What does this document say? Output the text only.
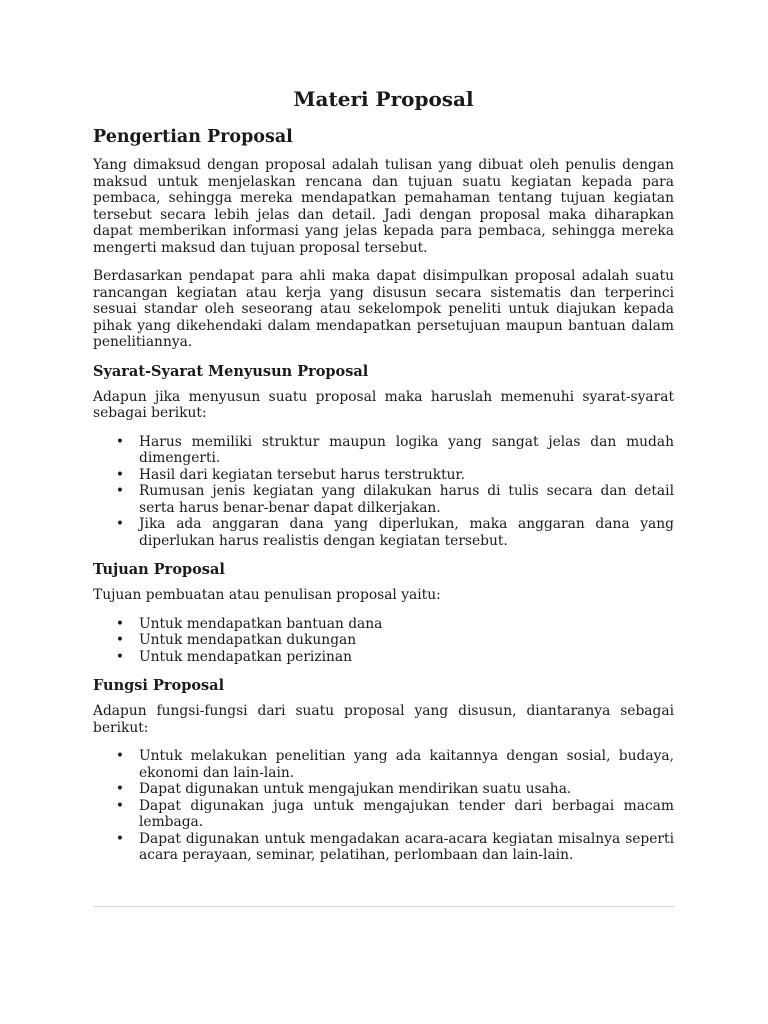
Materi Proposal
Pengertian Proposal

Yang dimaksud dengan proposal adalah tulisan yang dibuat oleh penulis dengan maksud untuk menjelaskan rencana dan tujuan suatu kegiatan kepada para pembaca, sehingga mereka mendapatkan pemahaman tentang tujuan kegiatan tersebut secara lebih jelas dan detail. Jadi dengan proposal maka diharapkan dapat memberikan informasi yang jelas kepada para pembaca, sehingga mereka mengerti maksud dan tujuan proposal tersebut.

Berdasarkan pendapat para ahli maka dapat disimpulkan proposal adalah suatu rancangan kegiatan atau kerja yang disusun secara sistematis dan terperinci sesuai standar oleh seseorang atau sekelompok peneliti untuk diajukan kepada pihak yang dikehendaki dalam mendapatkan persetujuan maupun bantuan dalam penelitiannya.

Syarat-Syarat Menyusun Proposal

Adapun jika menyusun suatu proposal maka haruslah memenuhi syarat-syarat sebagai berikut:

• Harus memiliki struktur maupun logika yang sangat jelas dan mudah dimengerti.
• Hasil dari kegiatan tersebut harus terstruktur.
• Rumusan jenis kegiatan yang dilakukan harus di tulis secara dan detail serta harus benar-benar dapat dilkerjakan.
• Jika ada anggaran dana yang diperlukan, maka anggaran dana yang diperlukan harus realistis dengan kegiatan tersebut.
Tujuan Proposal

Tujuan pembuatan atau penulisan proposal yaitu:

• Untuk mendapatkan bantuan dana
• Untuk mendapatkan dukungan
• Untuk mendapatkan perizinan
Fungsi Proposal

Adapun fungsi-fungsi dari suatu proposal yang disusun, diantaranya sebagai berikut:

• Untuk melakukan penelitian yang ada kaitannya dengan sosial, budaya, ekonomi dan lain-lain.
• Dapat digunakan untuk mengajukan mendirikan suatu usaha.
• Dapat digunakan juga untuk mengajukan tender dari berbagai macam lembaga.
• Dapat digunakan untuk mengadakan acara-acara kegiatan misalnya seperti acara perayaan, seminar, pelatihan, perlombaan dan lain-lain.
